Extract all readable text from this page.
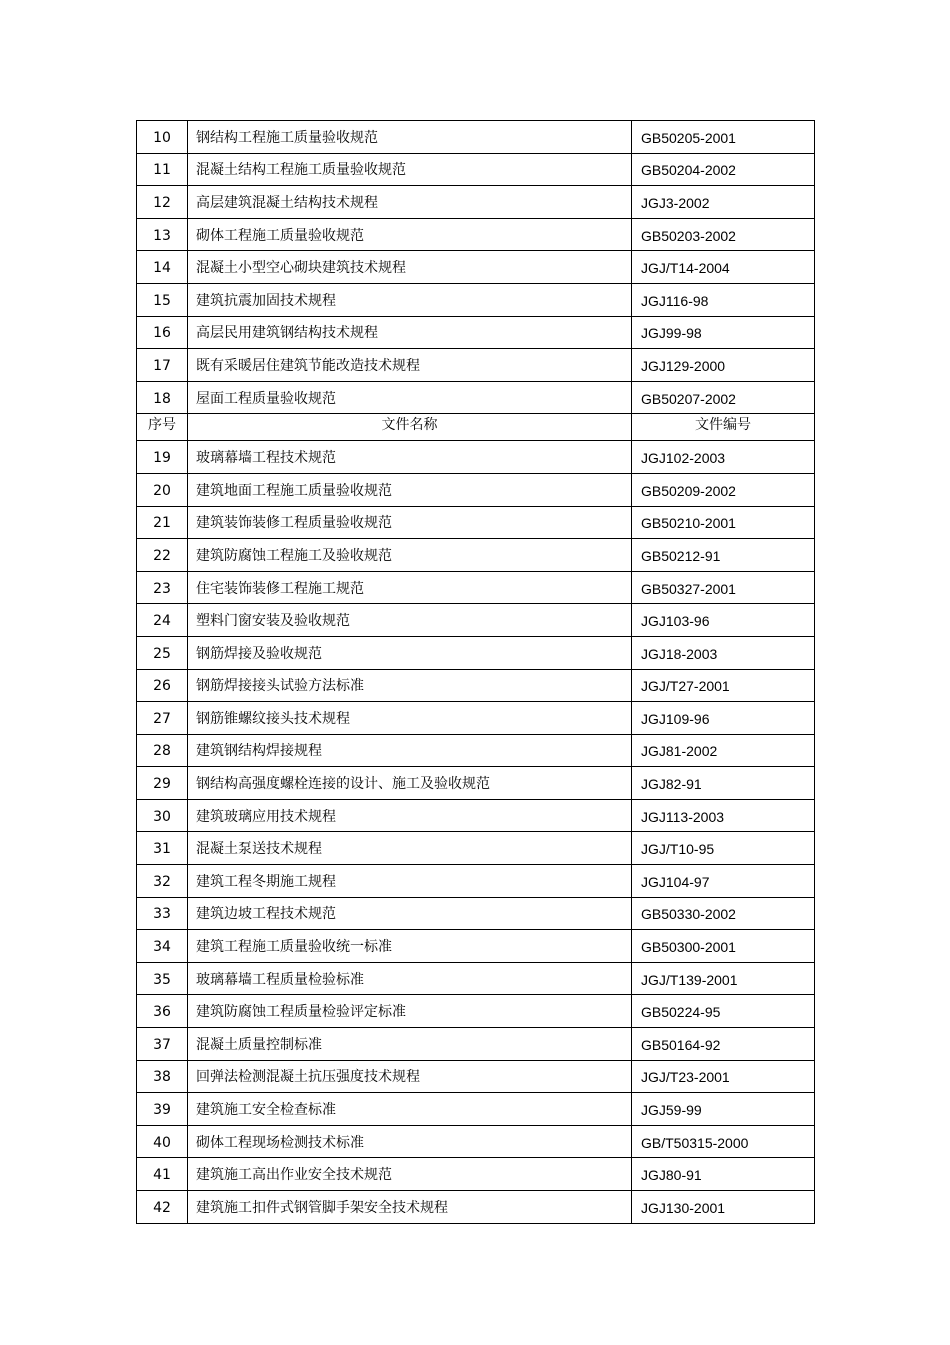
10	钢结构工程施工质量验收规范	GB50205-2001
11	混凝土结构工程施工质量验收规范	GB50204-2002
12	高层建筑混凝土结构技术规程	JGJ3-2002
13	砌体工程施工质量验收规范	GB50203-2002
14	混凝土小型空心砌块建筑技术规程	JGJ/T14-2004
15	建筑抗震加固技术规程	JGJ116-98
16	高层民用建筑钢结构技术规程	JGJ99-98
17	既有采暖居住建筑节能改造技术规程	JGJ129-2000
18	屋面工程质量验收规范	GB50207-2002
序号	文件名称	文件编号
19	玻璃幕墙工程技术规范	JGJ102-2003
20	建筑地面工程施工质量验收规范	GB50209-2002
21	建筑装饰装修工程质量验收规范	GB50210-2001
22	建筑防腐蚀工程施工及验收规范	GB50212-91
23	住宅装饰装修工程施工规范	GB50327-2001
24	塑料门窗安装及验收规范	JGJ103-96
25	钢筋焊接及验收规范	JGJ18-2003
26	钢筋焊接接头试验方法标准	JGJ/T27-2001
27	钢筋锥螺纹接头技术规程	JGJ109-96
28	建筑钢结构焊接规程	JGJ81-2002
29	钢结构高强度螺栓连接的设计、施工及验收规范	JGJ82-91
30	建筑玻璃应用技术规程	JGJ113-2003
31	混凝土泵送技术规程	JGJ/T10-95
32	建筑工程冬期施工规程	JGJ104-97
33	建筑边坡工程技术规范	GB50330-2002
34	建筑工程施工质量验收统一标准	GB50300-2001
35	玻璃幕墙工程质量检验标准	JGJ/T139-2001
36	建筑防腐蚀工程质量检验评定标准	GB50224-95
37	混凝土质量控制标准	GB50164-92
38	回弹法检测混凝土抗压强度技术规程	JGJ/T23-2001
39	建筑施工安全检查标准	JGJ59-99
40	砌体工程现场检测技术标准	GB/T50315-2000
41	建筑施工高出作业安全技术规范	JGJ80-91
42	建筑施工扣件式钢管脚手架安全技术规程	JGJ130-2001
